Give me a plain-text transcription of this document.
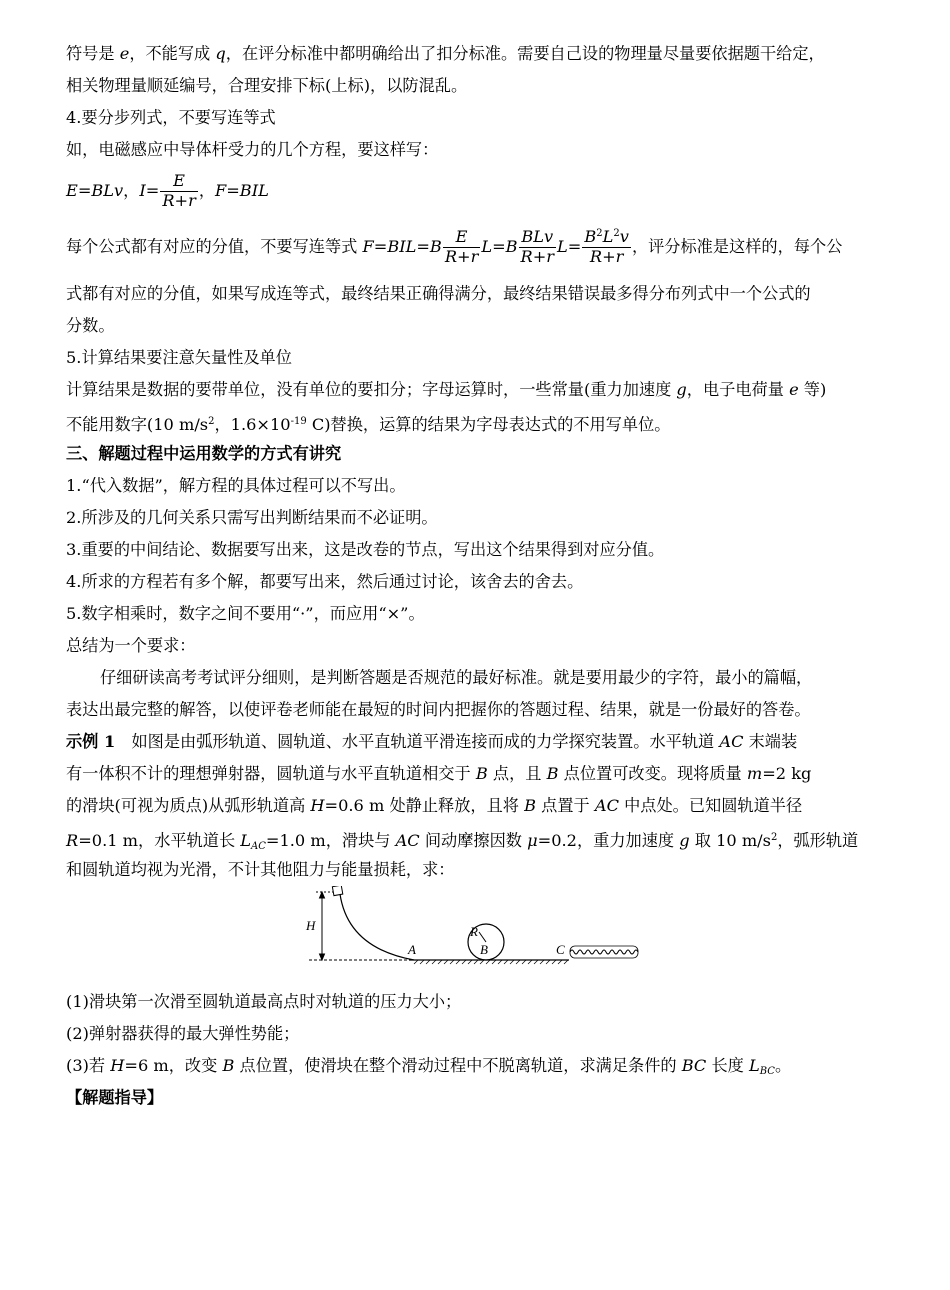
符号是 e，不能写成 q，在评分标准中都明确给出了扣分标准。需要自己设的物理量尽量要依据题干给定，
相关物理量顺延编号，合理安排下标(上标)，以防混乱。
4.要分步列式，不要写连等式
如，电磁感应中导体杆受力的几个方程，要这样写：
E=BLv，$I= \frac{E}{R+r}$ ，F=BIL
每个公式都有对应的分值，不要写连等式 $F=BIL=B \frac{E}{R+r} L=B \frac{\text{BLv}}{R+r} L= \frac{B^2L^2v}{R+r}$ ，评分标准是这样的，每个公
式都有对应的分值，如果写成连等式，最终结果正确得满分，最终结果错误最多得分布列式中一个公式的
分数。
5.计算结果要注意矢量性及单位
计算结果是数据的要带单位，没有单位的要扣分；字母运算时，一些常量(重力加速度 g，电子电荷量 e 等)
不能用数字(10 $m/s^2$，$1.6\times 10^{-19}$ C)替换，运算的结果为字母表达式的不用写单位。
三、解题过程中运用数学的方式有讲究
1.“代入数据”，解方程的具体过程可以不写出。
2.所涉及的几何关系只需写出判断结果而不必证明。
3.重要的中间结论、数据要写出来，这是改卷的节点，写出这个结果得到对应分值。
4.所求的方程若有多个解，都要写出来，然后通过讨论，该舍去的舍去。
5.数字相乘时，数字之间不要用“·”，而应用“×”。
总结为一个要求：
仔细研读高考考试评分细则，是判断答题是否规范的最好标准。就是要用最少的字符，最小的篇幅，
表达出最完整的解答，以使评卷老师能在最短的时间内把握你的答题过程、结果，就是一份最好的答卷。
示例 1　如图是由弧形轨道、圆轨道、水平直轨道平滑连接而成的力学探究装置。水平轨道 AC 末端装
有一体积不计的理想弹射器，圆轨道与水平直轨道相交于 B 点，且 B 点位置可改变。现将质量 m=2 kg
的滑块(可视为质点)从弧形轨道高 H=0.6 m 处静止释放，且将 B 点置于 AC 中点处。已知圆轨道半径
R=0.1 m，水平轨道长 $L_{AC}=1.0$ m，滑块与 AC 间动摩擦因数 μ=0.2，重力加速度 g 取 10 $m/s^2$，弧形轨道
和圆轨道均视为光滑，不计其他阻力与能量损耗，求：
H
A
R
B	C
(1)滑块第一次滑至圆轨道最高点时对轨道的压力大小；
(2)弹射器获得的最大弹性势能；
(3)若 H=6 m，改变 B 点位置，使滑块在整个滑动过程中不脱离轨道，求满足条件的 BC 长度 $L_{BC}$。
【解题指导】
